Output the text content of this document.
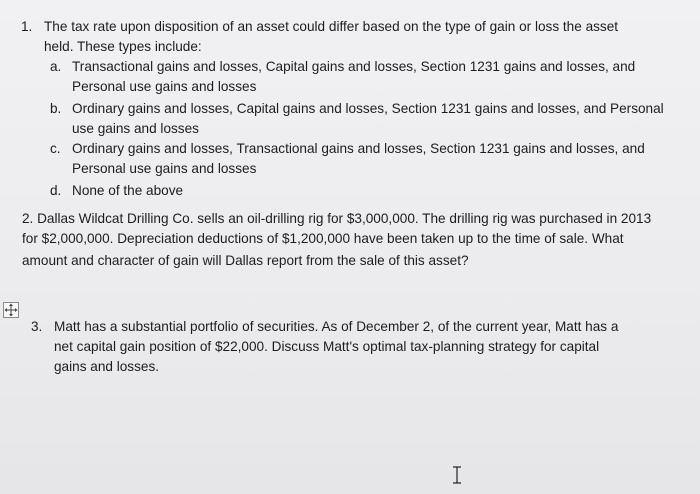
1. The tax rate upon disposition of an asset could differ based on the type of gain or loss the asset
held. These types include:
a. Transactional gains and losses, Capital gains and losses, Section 1231 gains and losses, and
Personal use gains and losses
b. Ordinary gains and losses, Capital gains and losses, Section 1231 gains and losses, and Personal
use gains and losses
c. Ordinary gains and losses, Transactional gains and losses, Section 1231 gains and losses, and
Personal use gains and losses
d. None of the above
2. Dallas Wildcat Drilling Co. sells an oil-drilling rig for $3,000,000. The drilling rig was purchased in 2013
for $2,000,000. Depreciation deductions of $1,200,000 have been taken up to the time of sale. What
amount and character of gain will Dallas report from the sale of this asset?
3. Matt has a substantial portfolio of securities. As of December 2, of the current year, Matt has a
net capital gain position of $22,000. Discuss Matt's optimal tax-planning strategy for capital
gains and losses.
